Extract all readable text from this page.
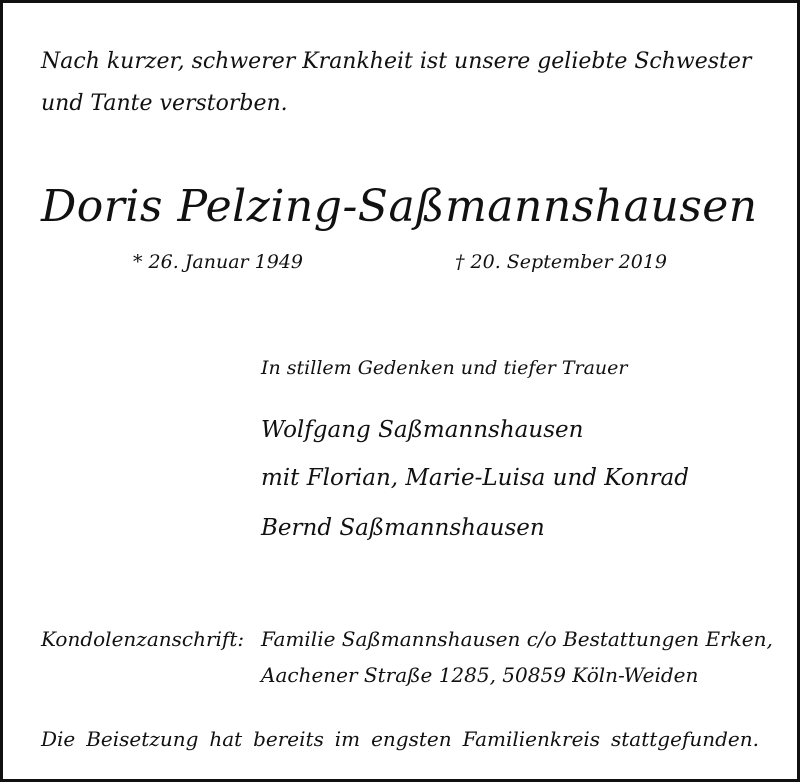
Nach kurzer, schwerer Krankheit ist unsere geliebte Schwester
und Tante verstorben.
Doris Pelzing-Saßmannshausen
* 26. Januar 1949	† 20. September 2019
In stillem Gedenken und tiefer Trauer
Wolfgang Saßmannshausen
mit Florian, Marie-Luisa und Konrad
Bernd Saßmannshausen
Kondolenzanschrift: Familie Saßmannshausen c/o Bestattungen Erken,
Aachener Straße 1285, 50859 Köln-Weiden
Die Beisetzung hat bereits im engsten Familienkreis stattgefunden.
